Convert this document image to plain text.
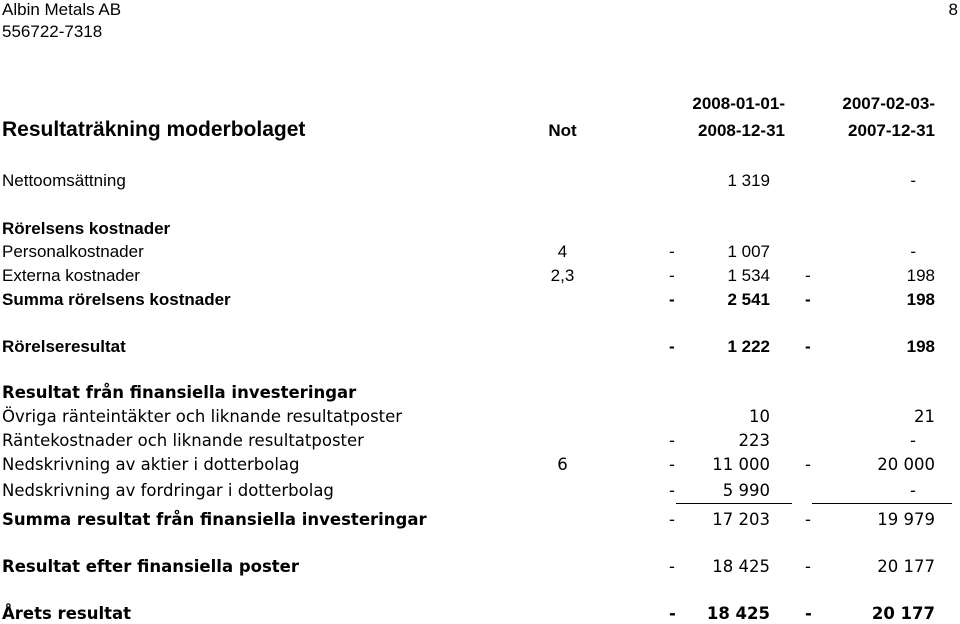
Albin Metals AB
556722-7318
8
2008-01-01-	2007-02-03-
Resultaträkning moderbolaget	Not	2008-12-31	2007-12-31
Nettoomsättning	1 319	-
Rörelsens kostnader
Personalkostnader	4	-	1 007	-
Externa kostnader	2,3	-	1 534 -	198
Summa rörelsens kostnader	-	2 541 -	198
Rörelseresultat	-	1 222 -	198
Resultat från finansiella investeringar
Övriga ränteintäkter och liknande resultatposter	10	21
Räntekostnader och liknande resultatposter	-	223	-
Nedskrivning av aktier i dotterbolag	6	-	11 000 -	20 000
Nedskrivning av fordringar i dotterbolag	-	5 990	-
Summa resultat från finansiella investeringar	-	17 203 -	19 979
Resultat efter finansiella poster	-	18 425 -	20 177
Årets resultat	-	18 425 -	20 177
